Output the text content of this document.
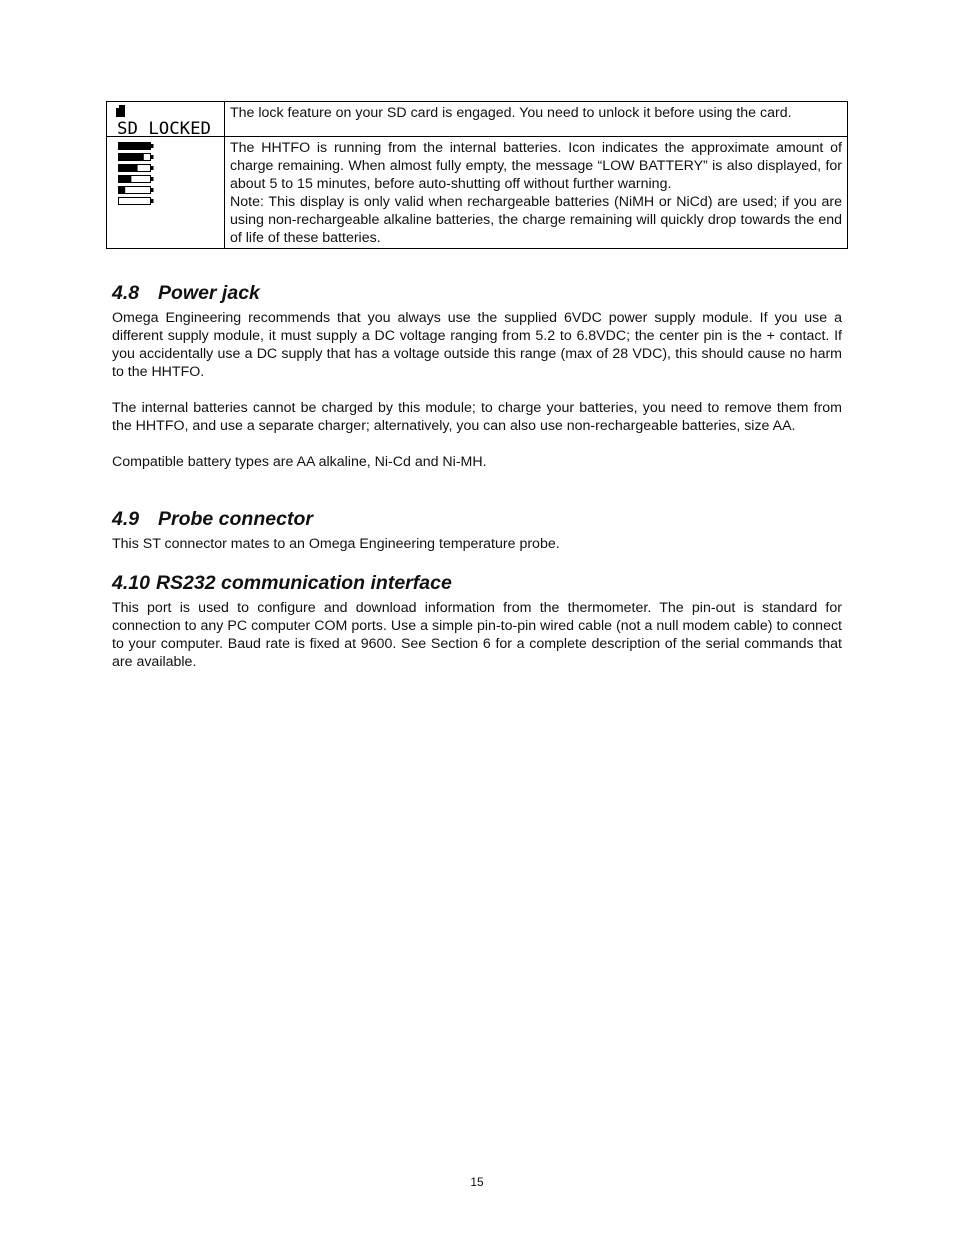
SD LOCKED	The lock feature on your SD card is engaged. You need to unlock it before using the card.

The HHTFO is running from the internal batteries. Icon indicates the approximate amount of charge remaining. When almost fully empty, the message “LOW BATTERY” is also displayed, for about 5 to 15 minutes, before auto-shutting off without further warning.

Note: This display is only valid when rechargeable batteries (NiMH or NiCd) are used; if you are using non-rechargeable alkaline batteries, the charge remaining will quickly drop towards the end of life of these batteries.

4.8 Power jack

Omega Engineering recommends that you always use the supplied 6VDC power supply module. If you use a different supply module, it must supply a DC voltage ranging from 5.2 to 6.8VDC; the center pin is the + contact. If you accidentally use a DC supply that has a voltage outside this range (max of 28 VDC), this should cause no harm to the HHTFO.

The internal batteries cannot be charged by this module; to charge your batteries, you need to remove them from the HHTFO, and use a separate charger; alternatively, you can also use non-rechargeable batteries, size AA.

Compatible battery types are AA alkaline, Ni-Cd and Ni-MH.

4.9 Probe connector

This ST connector mates to an Omega Engineering temperature probe.

4.10 RS232 communication interface

This port is used to configure and download information from the thermometer. The pin-out is standard for connection to any PC computer COM ports. Use a simple pin-to-pin wired cable (not a null modem cable) to connect to your computer. Baud rate is fixed at 9600. See Section 6 for a complete description of the serial commands that are available.

15
